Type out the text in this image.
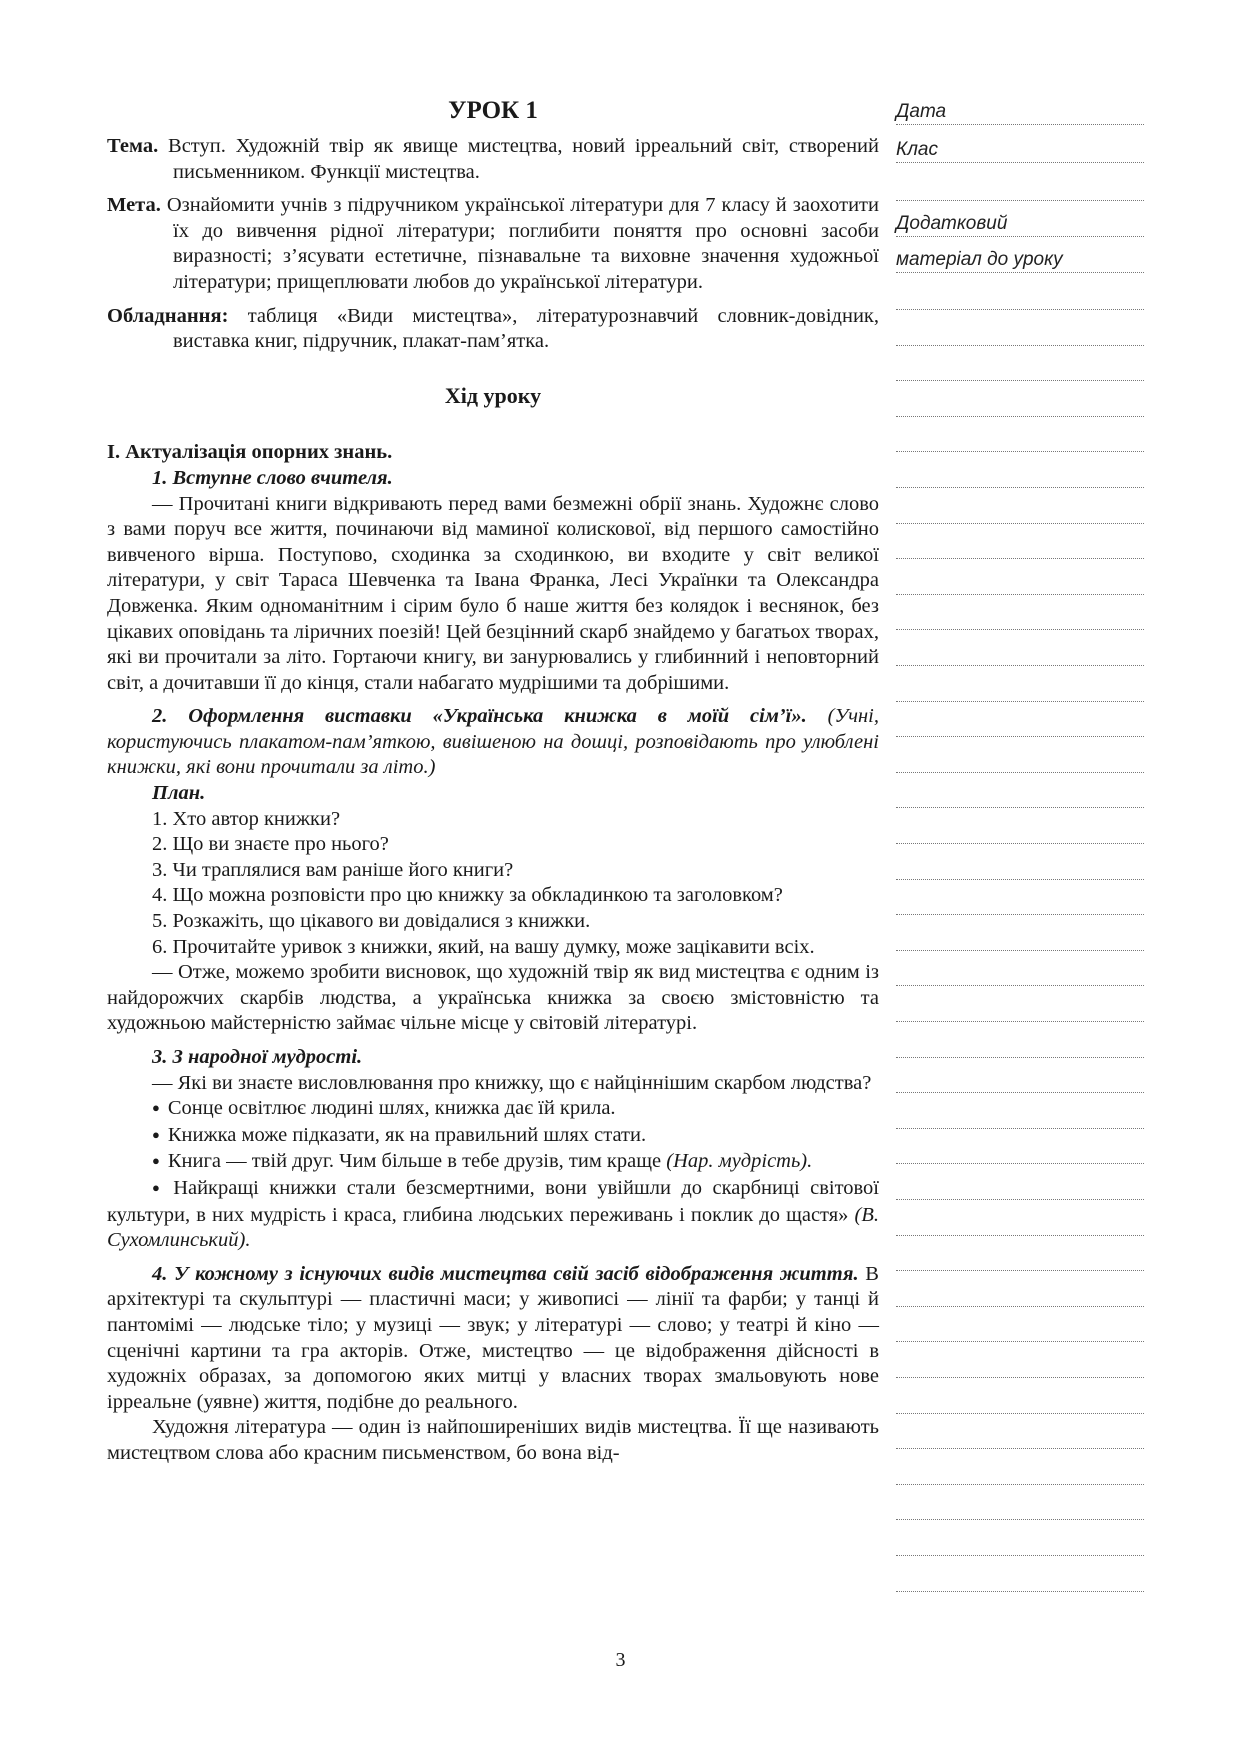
УРОК 1

Тема. Вступ. Художній твір як явище мистецтва, новий ірреальний світ, створений письменником. Функції мистецтва.

Мета. Ознайомити учнів з підручником української літератури для 7 класу й заохотити їх до вивчення рідної літератури; поглибити поняття про основні засоби виразності; з’ясувати естетичне, пізнавальне та виховне значення художньої літератури; прищеплювати любов до української літератури.

Обладнання: таблиця «Види мистецтва», літературознавчий словник-довідник, виставка книг, підручник, плакат-пам’ятка.

Хід уроку

І. Актуалізація опорних знань.

1. Вступне слово вчителя.

— Прочитані книги відкривають перед вами безмежні обрії знань. Художнє слово з вами поруч все життя, починаючи від маминої колискової, від першого самостійно вивченого вірша. Поступово, сходинка за сходинкою, ви входите у світ великої літератури, у світ Тараса Шевченка та Івана Франка, Лесі Українки та Олександра Довженка. Яким одноманітним і сірим було б наше життя без колядок і веснянок, без цікавих оповідань та ліричних поезій! Цей безцінний скарб знайдемо у багатьох творах, які ви прочитали за літо. Гортаючи книгу, ви занурювались у глибинний і неповторний світ, а дочитавши її до кінця, стали набагато мудрішими та добрішими.

2. Оформлення виставки «Українська книжка в моїй сім’ї». (Учні, користуючись плакатом-пам’яткою, вивішеною на дошці, розповідають про улюблені книжки, які вони прочитали за літо.)

План.

1. Хто автор книжки?

2. Що ви знаєте про нього?

3. Чи траплялися вам раніше його книги?

4. Що можна розповісти про цю книжку за обкладинкою та заголовком?

5. Розкажіть, що цікавого ви довідалися з книжки.

6. Прочитайте уривок з книжки, який, на вашу думку, може зацікавити всіх.

— Отже, можемо зробити висновок, що художній твір як вид мистецтва є одним із найдорожчих скарбів людства, а українська книжка за своєю змістовністю та художньою майстерністю займає чільне місце у світовій літературі.

3. З народної мудрості.

— Які ви знаєте висловлювання про книжку, що є найціннішим скарбом людства?

● Сонце освітлює людині шлях, книжка дає їй крила.

● Книжка може підказати, як на правильний шлях стати.

● Книга — твій друг. Чим більше в тебе друзів, тим краще (Нар. мудрість).

● Найкращі книжки стали безсмертними, вони увійшли до скарбниці світової культури, в них мудрість і краса, глибина людських переживань і поклик до щастя» (В. Сухомлинський).

4. У кожному з існуючих видів мистецтва свій засіб відображення життя. В архітектурі та скульптурі — пластичні маси; у живописі — лінії та фарби; у танці й пантомімі — людське тіло; у музиці — звук; у літературі — слово; у театрі й кіно — сценічні картини та гра акторів. Отже, мистецтво — це відображення дійсності в художніх образах, за допомогою яких митці у власних творах змальовують нове ірреальне (уявне) життя, подібне до реального.

Художня література — один із найпоширеніших видів мистецтва. Її ще називають мистецтвом слова або красним письменством, бо вона від-

Дата
Клас
Додатковий
матеріал до уроку
3
